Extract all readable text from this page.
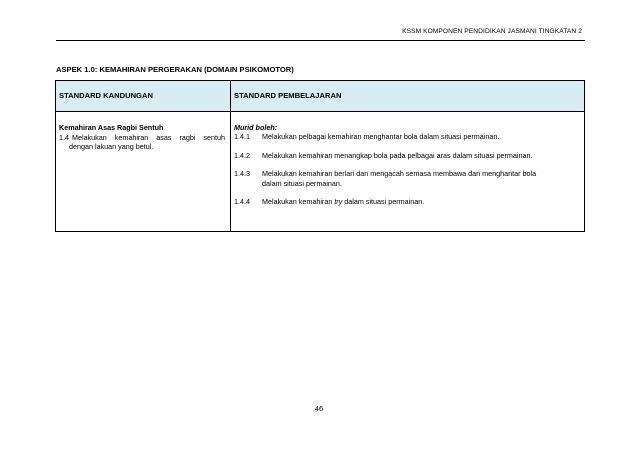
KSSM KOMPONEN PENDIDIKAN JASMANI TINGKATAN 2
ASPEK 1.0: KEMAHIRAN PERGERAKAN (DOMAIN PSIKOMOTOR)
STANDARD KANDUNGAN	STANDARD PEMBELAJARAN
Kemahiran Asas Ragbi Sentuh
1.4 Melakukan kemahiran asas ragbi sentuh
dengan lakuan yang betul.
Murid boleh:
1.4.1	Melakukan pelbagai kemahiran menghantar bola dalam situasi permainan.
1.4.2	Melakukan kemahiran menangkap bola pada pelbagai aras dalam situasi permainan.
1.4.3	Melakukan kemahiran berlari dan mengacah semasa membawa dan menghantar bola
dalam situasi permainan.
1.4.4	Melakukan kemahiran try dalam situasi permainan.
46
